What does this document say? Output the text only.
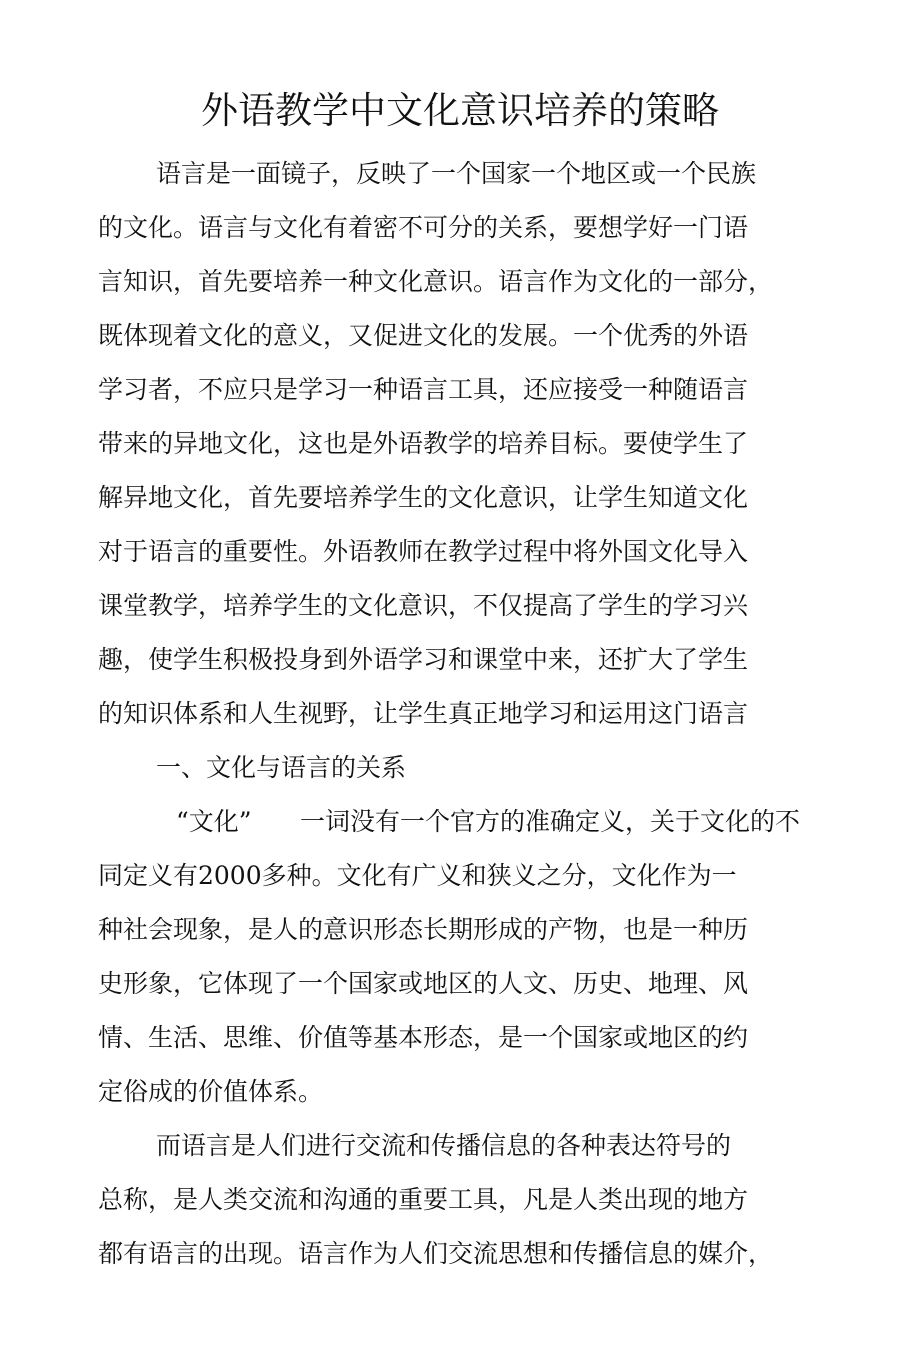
外语教学中文化意识培养的策略
语言是一面镜子，反映了一个国家一个地区或一个民族
的文化。语言与文化有着密不可分的关系，要想学好一门语
言知识，首先要培养一种文化意识。语言作为文化的一部分，
既体现着文化的意义，又促进文化的发展。一个优秀的外语
学习者，不应只是学习一种语言工具，还应接受一种随语言
带来的异地文化，这也是外语教学的培养目标。要使学生了
解异地文化，首先要培养学生的文化意识，让学生知道文化
对于语言的重要性。外语教师在教学过程中将外国文化导入
课堂教学，培养学生的文化意识，不仅提高了学生的学习兴
趣，使学生积极投身到外语学习和课堂中来，还扩大了学生
的知识体系和人生视野，让学生真正地学习和运用这门语言
一、文化与语言的关系
“文化” 一词没有一个官方的准确定义，关于文化的不
同定义有2000多种。文化有广义和狭义之分，文化作为一
种社会现象，是人的意识形态长期形成的产物，也是一种历
史形象，它体现了一个国家或地区的人文、历史、地理、风
情、生活、思维、价值等基本形态，是一个国家或地区的约
定俗成的价值体系。
而语言是人们进行交流和传播信息的各种表达符号的
总称，是人类交流和沟通的重要工具，凡是人类出现的地方
都有语言的出现。语言作为人们交流思想和传播信息的媒介，
